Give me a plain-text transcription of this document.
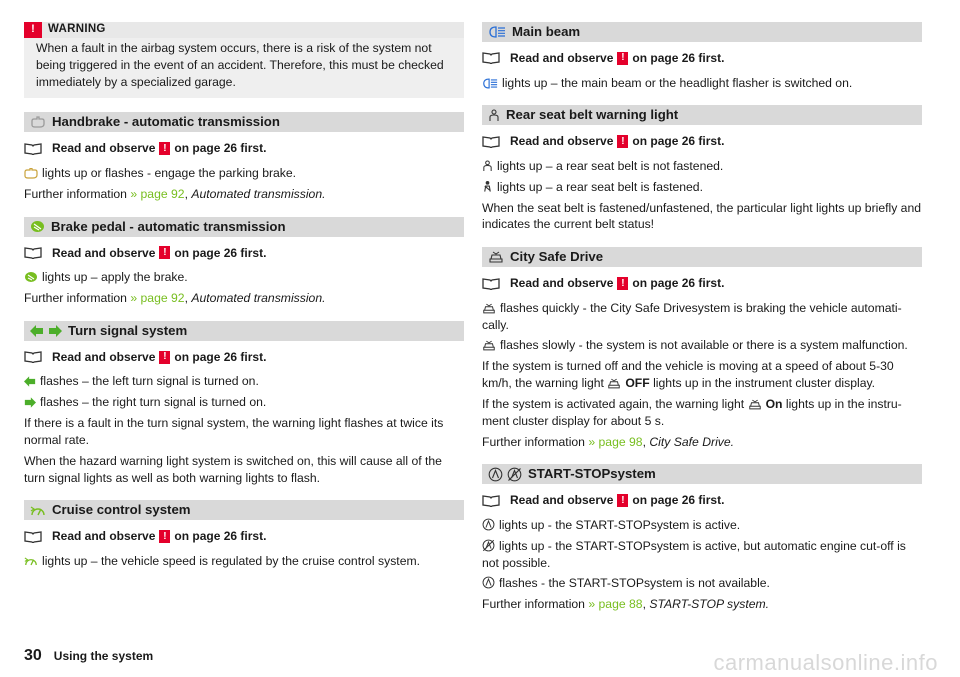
!	WARNING
When a fault in the airbag system occurs, there is a risk of the system not being triggered in the event of an accident. Therefore, this must be checked immediately by a specialized garage.
Handbrake - automatic transmission
Read and observe ! on page 26 first.

lights up or flashes - engage the parking brake.

Further information » page 92, Automated transmission.

Brake pedal - automatic transmission
Read and observe ! on page 26 first.

lights up – apply the brake.

Further information » page 92, Automated transmission.

Turn signal system
Read and observe ! on page 26 first.

flashes – the left turn signal is turned on.

flashes – the right turn signal is turned on.

If there is a fault in the turn signal system, the warning light flashes at twice its normal rate.

When the hazard warning light system is switched on, this will cause all of the turn signal lights as well as both warning lights to flash.

Cruise control system
Read and observe ! on page 26 first.

lights up – the vehicle speed is regulated by the cruise control system.

Main beam
Read and observe ! on page 26 first.

lights up – the main beam or the headlight flasher is switched on.

Rear seat belt warning light
Read and observe ! on page 26 first.

lights up – a rear seat belt is not fastened.

lights up – a rear seat belt is fastened.

When the seat belt is fastened/unfastened, the particular light lights up briefly and indicates the current belt status!

City Safe Drive
Read and observe ! on page 26 first.

flashes quickly - the City Safe Drivesystem is braking the vehicle automati-cally.

flashes slowly - the system is not available or there is a system malfunction.

If the system is turned off and the vehicle is moving at a speed of about 5-30 km/h, the warning light OFF lights up in the instrument cluster display.

If the system is activated again, the warning light On lights up in the instru-ment cluster display for about 5 s.

Further information » page 98, City Safe Drive.

START-STOPsystem
Read and observe ! on page 26 first.

lights up - the START-STOPsystem is active.

lights up - the START-STOPsystem is active, but automatic engine cut-off is not possible.

flashes - the START-STOPsystem is not available.

Further information » page 88, START-STOP system.

30 Using the system	carmanualsonline.info
